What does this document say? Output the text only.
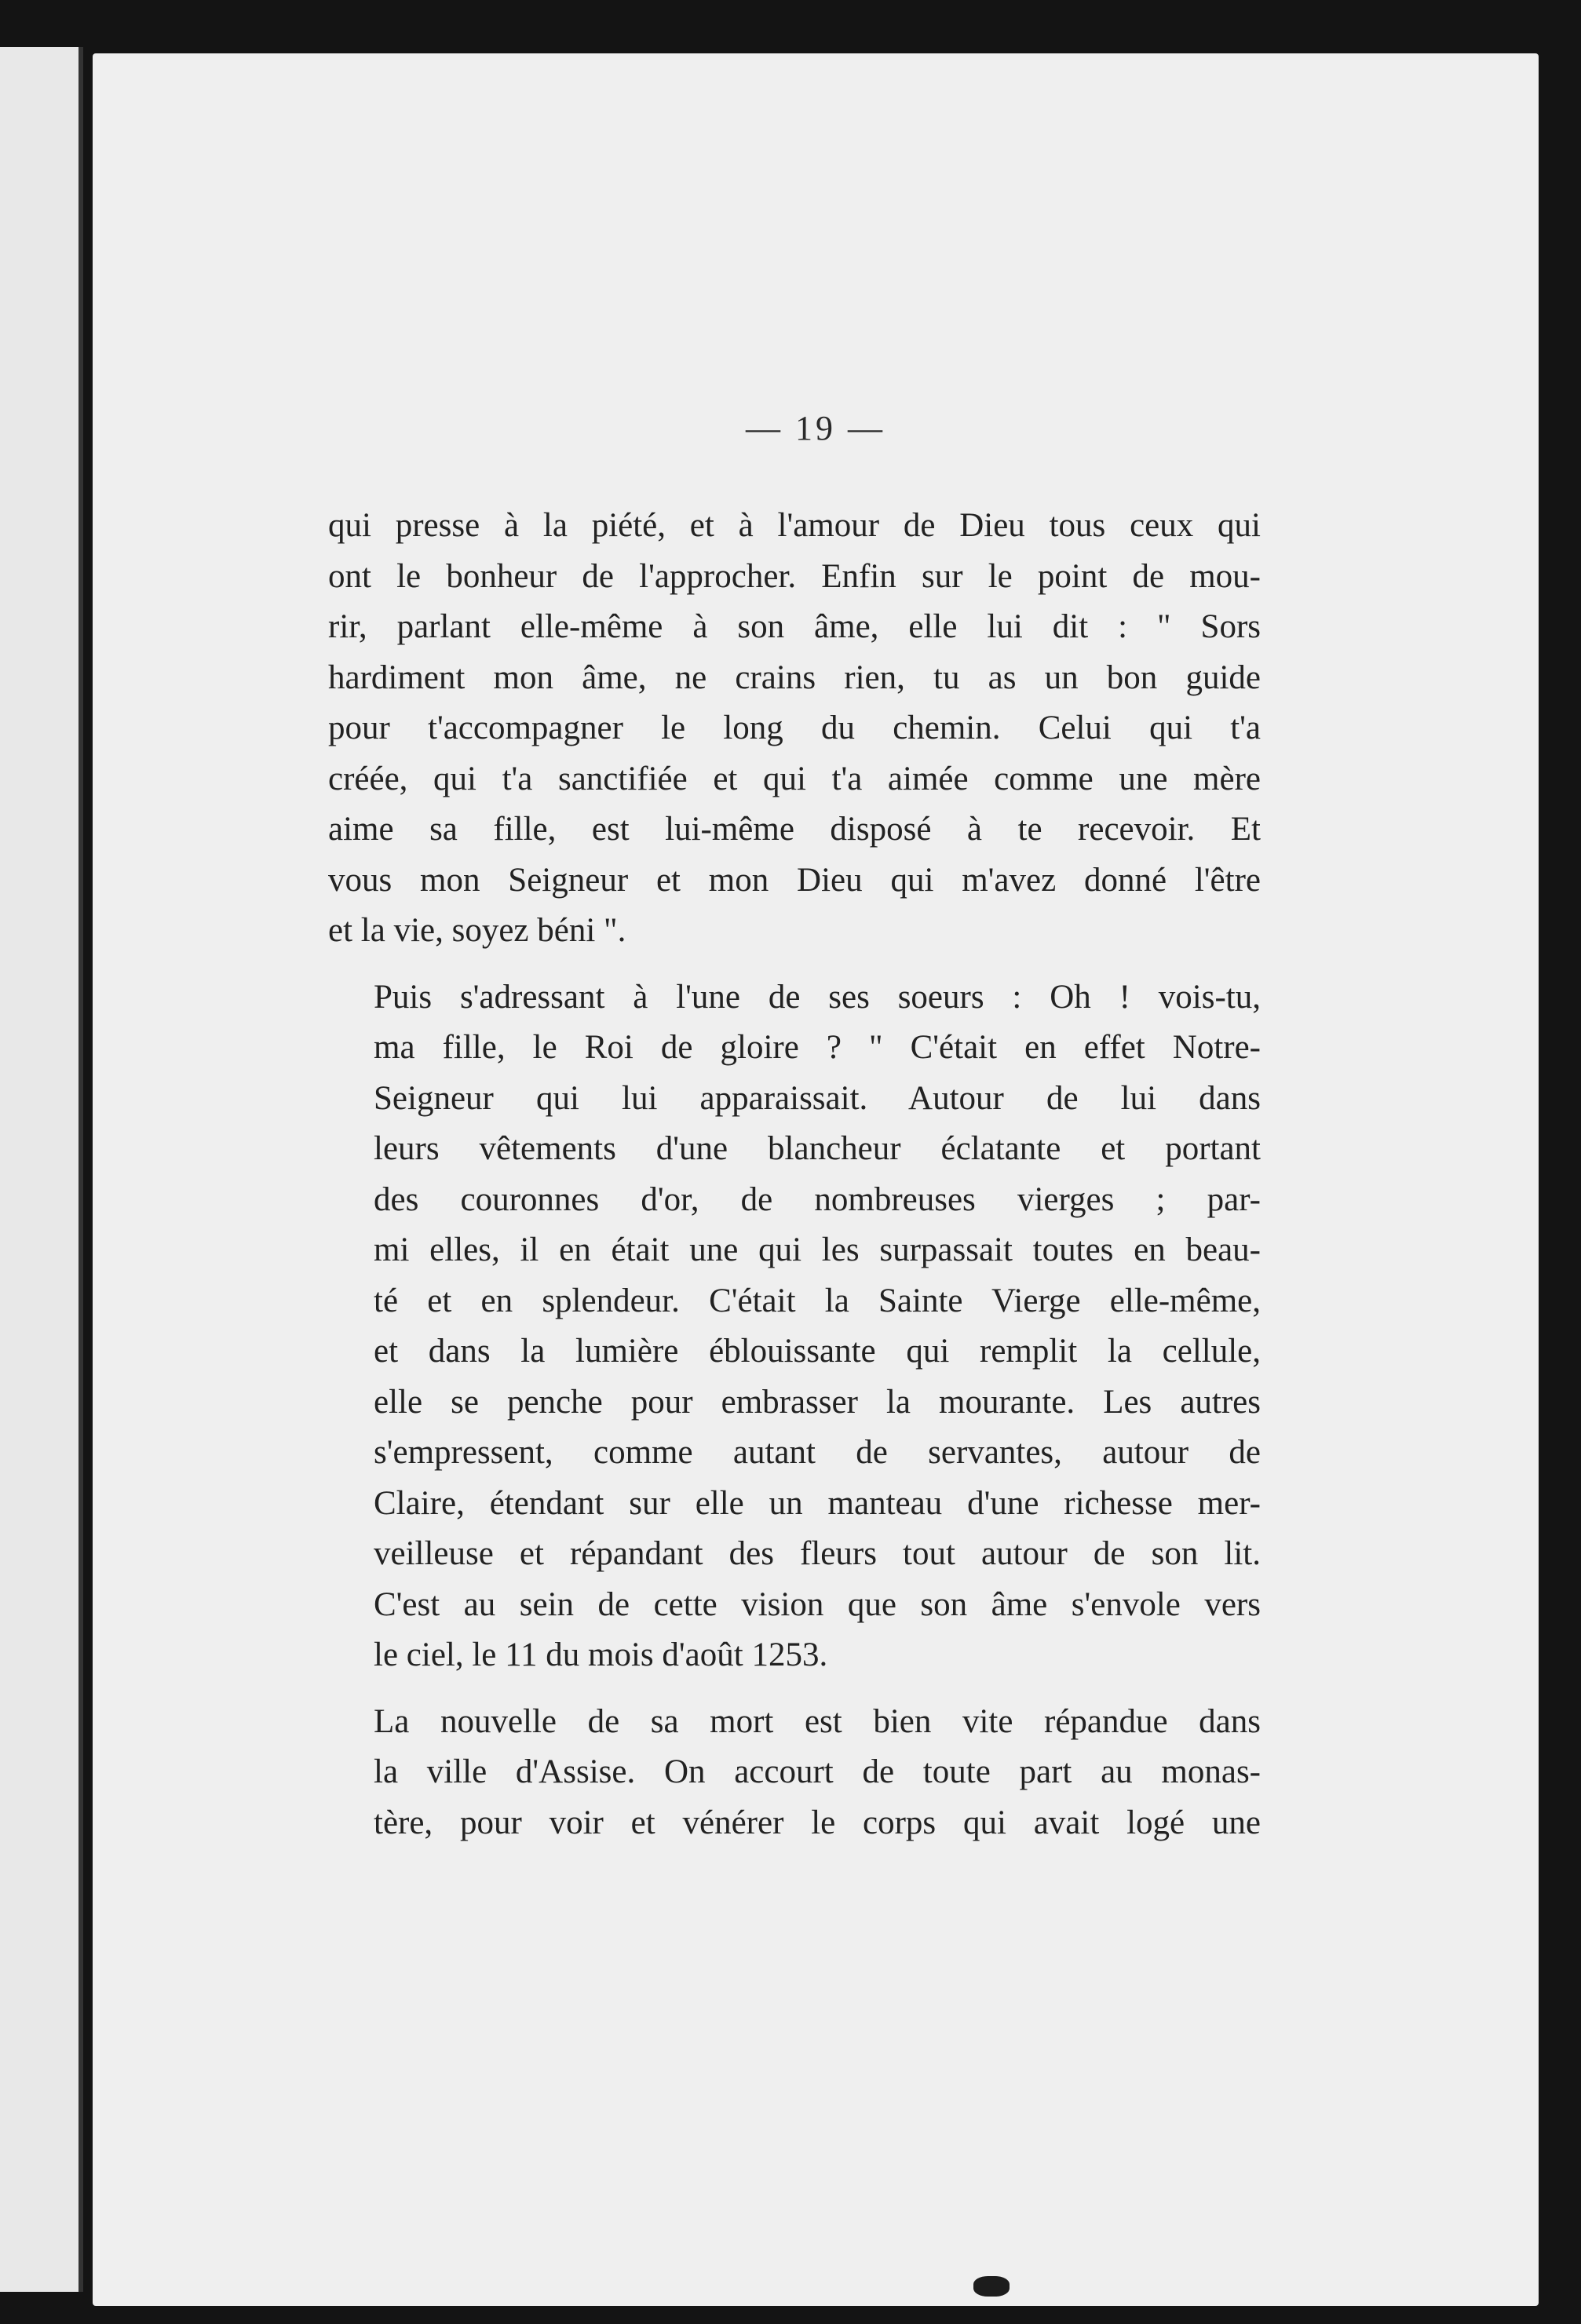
— 19 —

qui presse à la piété, et à l'amour de Dieu tous ceux qui
ont le bonheur de l'approcher. Enfin sur le point de mou-
rir, parlant elle-même à son âme, elle lui dit : " Sors
hardiment mon âme, ne crains rien, tu as un bon guide
pour t'accompagner le long du chemin. Celui qui t'a
créée, qui t'a sanctifiée et qui t'a aimée comme une mère
aime sa fille, est lui-même disposé à te recevoir. Et
vous mon Seigneur et mon Dieu qui m'avez donné l'être
et la vie, soyez béni ".

Puis s'adressant à l'une de ses soeurs : Oh ! vois-tu,
ma fille, le Roi de gloire ? " C'était en effet Notre-
Seigneur qui lui apparaissait. Autour de lui dans
leurs vêtements d'une blancheur éclatante et portant
des couronnes d'or, de nombreuses vierges ; par-
mi elles, il en était une qui les surpassait toutes en beau-
té et en splendeur. C'était la Sainte Vierge elle-même,
et dans la lumière éblouissante qui remplit la cellule,
elle se penche pour embrasser la mourante. Les autres
s'empressent, comme autant de servantes, autour de
Claire, étendant sur elle un manteau d'une richesse mer-
veilleuse et répandant des fleurs tout autour de son lit.
C'est au sein de cette vision que son âme s'envole vers
le ciel, le 11 du mois d'août 1253.

La nouvelle de sa mort est bien vite répandue dans
la ville d'Assise. On accourt de toute part au monas-
tère, pour voir et vénérer le corps qui avait logé une
